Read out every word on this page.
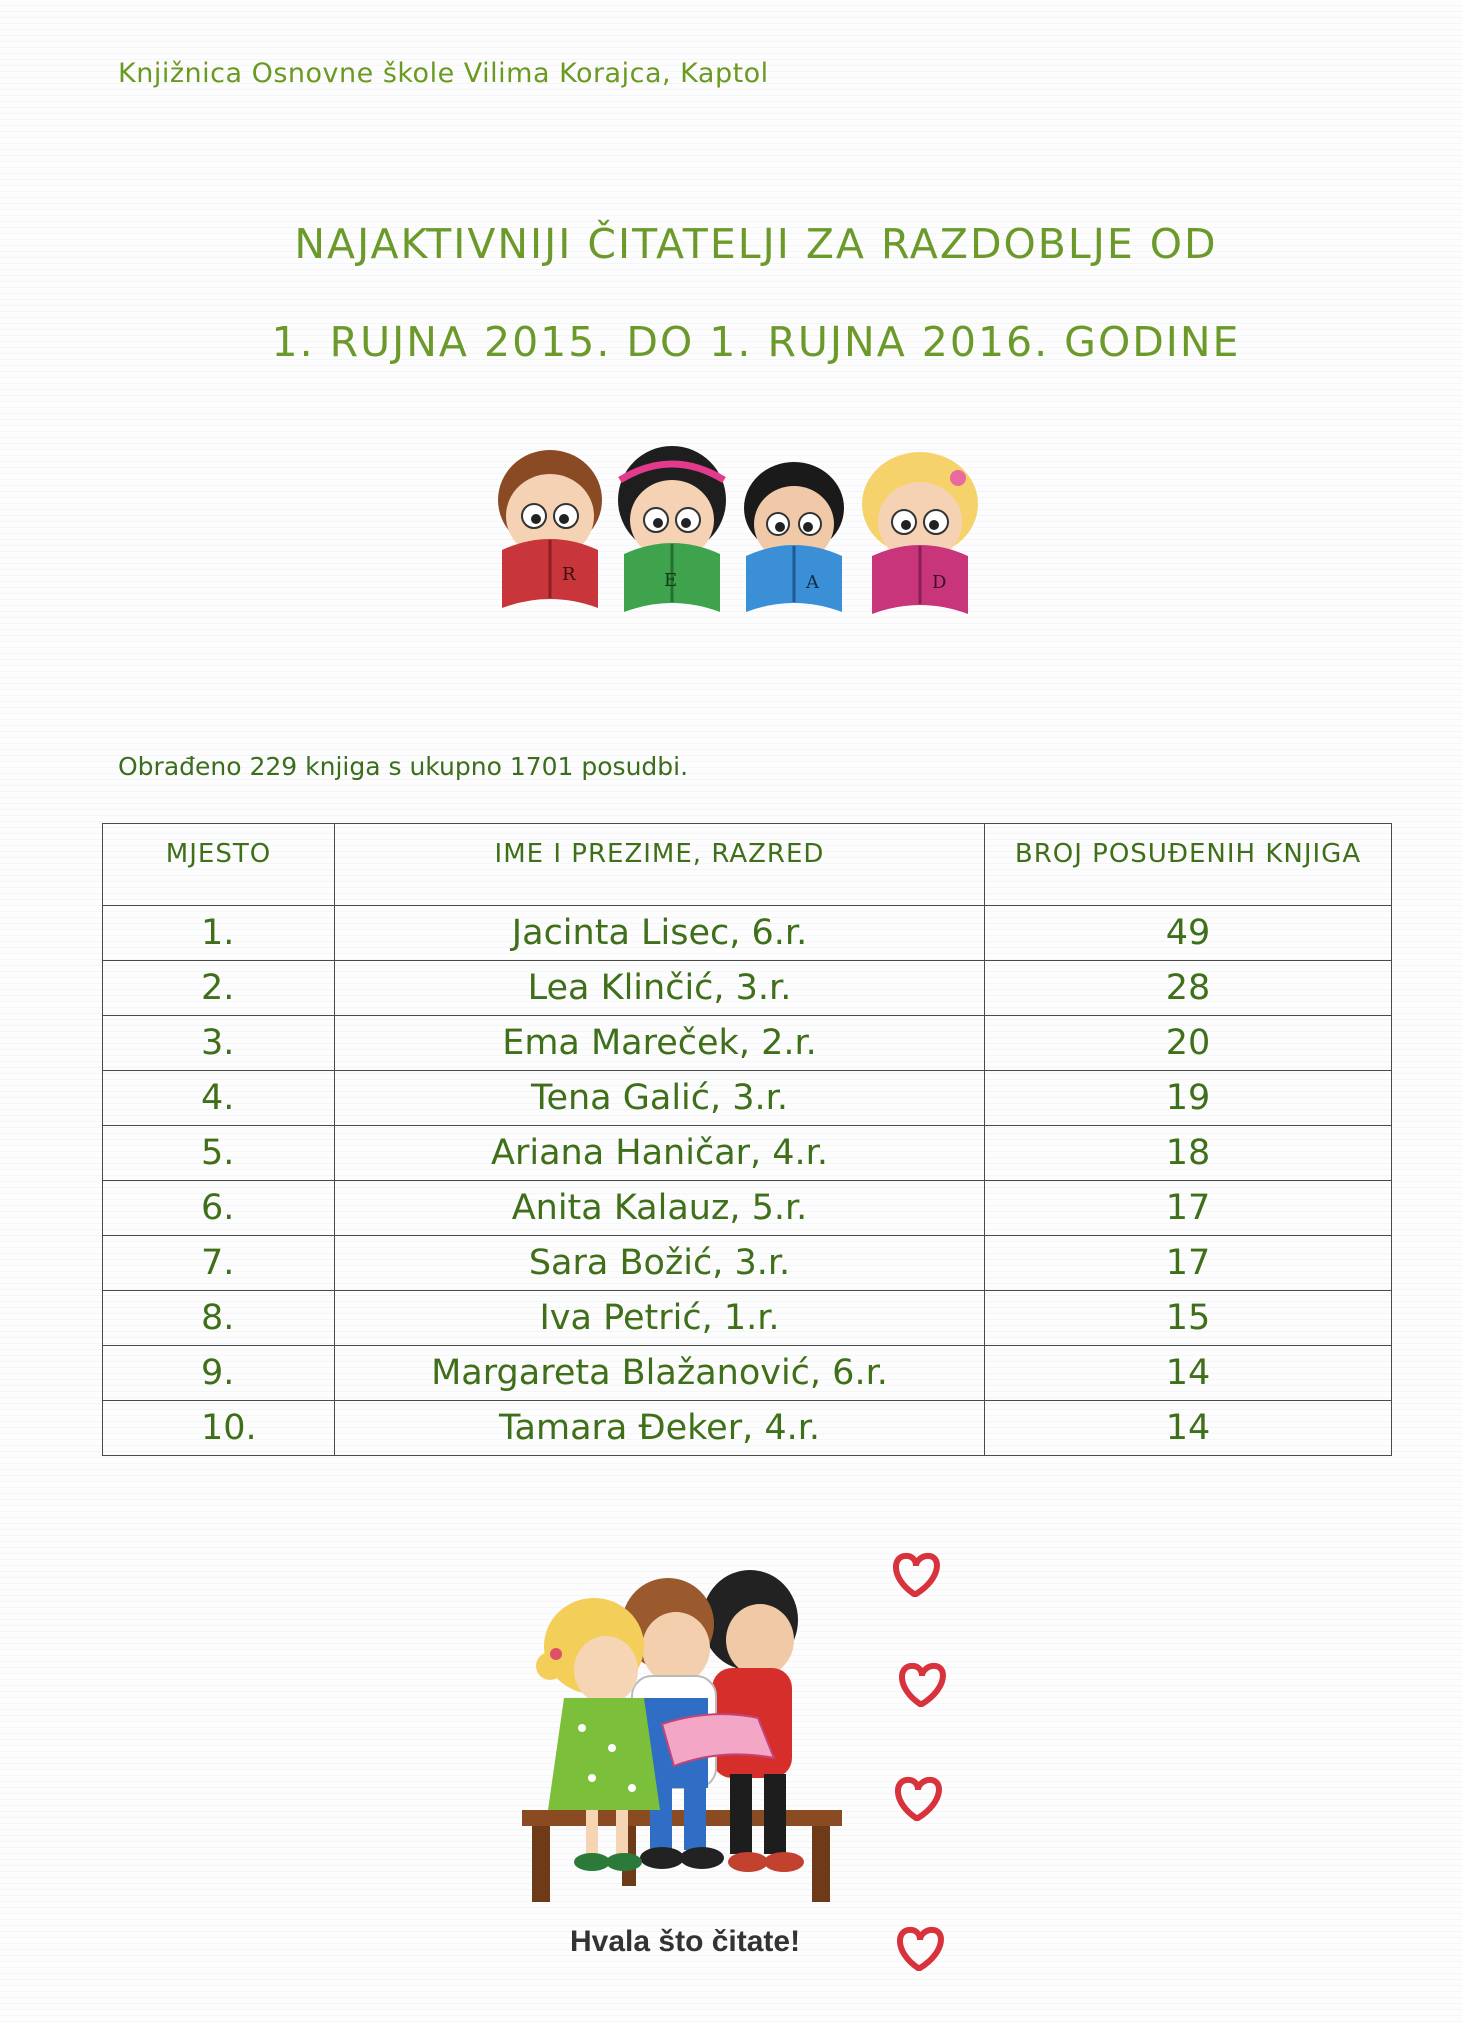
Knjižnica Osnovne škole Vilima Korajca, Kaptol
NAJAKTIVNIJI ČITATELJI ZA RAZDOBLJE OD
1. RUJNA 2015. DO 1. RUJNA 2016. GODINE
R	E	A	D
Obrađeno 229 knjiga s ukupno 1701 posudbi.
MJESTO	IME I PREZIME, RAZRED	BROJ POSUĐENIH KNJIGA
1.	Jacinta Lisec, 6.r.	49
2.	Lea Klinčić, 3.r.	28
3.	Ema Mareček, 2.r.	20
4.	Tena Galić, 3.r.	19
5.	Ariana Haničar, 4.r.	18
6.	Anita Kalauz, 5.r.	17
7.	Sara Božić, 3.r.	17
8.	Iva Petrić, 1.r.	15
9.	Margareta Blažanović, 6.r.	14
10.	Tamara Đeker, 4.r.	14
Hvala što čitate!
